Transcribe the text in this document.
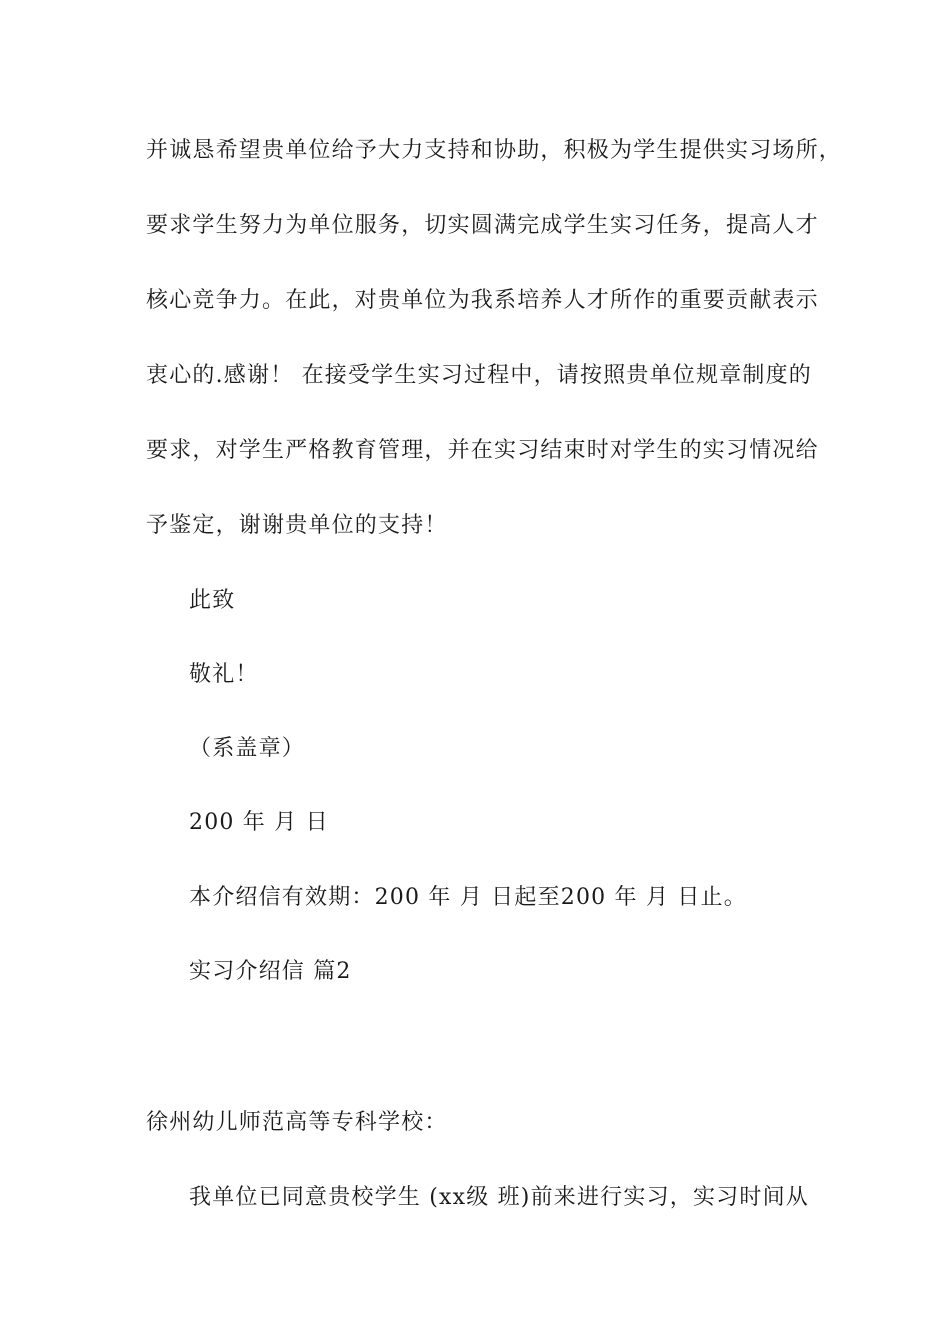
并诚恳希望贵单位给予大力支持和协助，积极为学生提供实习场所，
要求学生努力为单位服务，切实圆满完成学生实习任务，提高人才
核心竞争力。在此，对贵单位为我系培养人才所作的重要贡献表示
衷心的.感谢！ 在接受学生实习过程中，请按照贵单位规章制度的
要求，对学生严格教育管理，并在实习结束时对学生的实习情况给
予鉴定，谢谢贵单位的支持！
此致
敬礼！
（系盖章）
200 年 月 日
本介绍信有效期：200 年 月 日起至200 年 月 日止。
实习介绍信 篇2
徐州幼儿师范高等专科学校：
我单位已同意贵校学生 (xx级 班)前来进行实习，实习时间从
